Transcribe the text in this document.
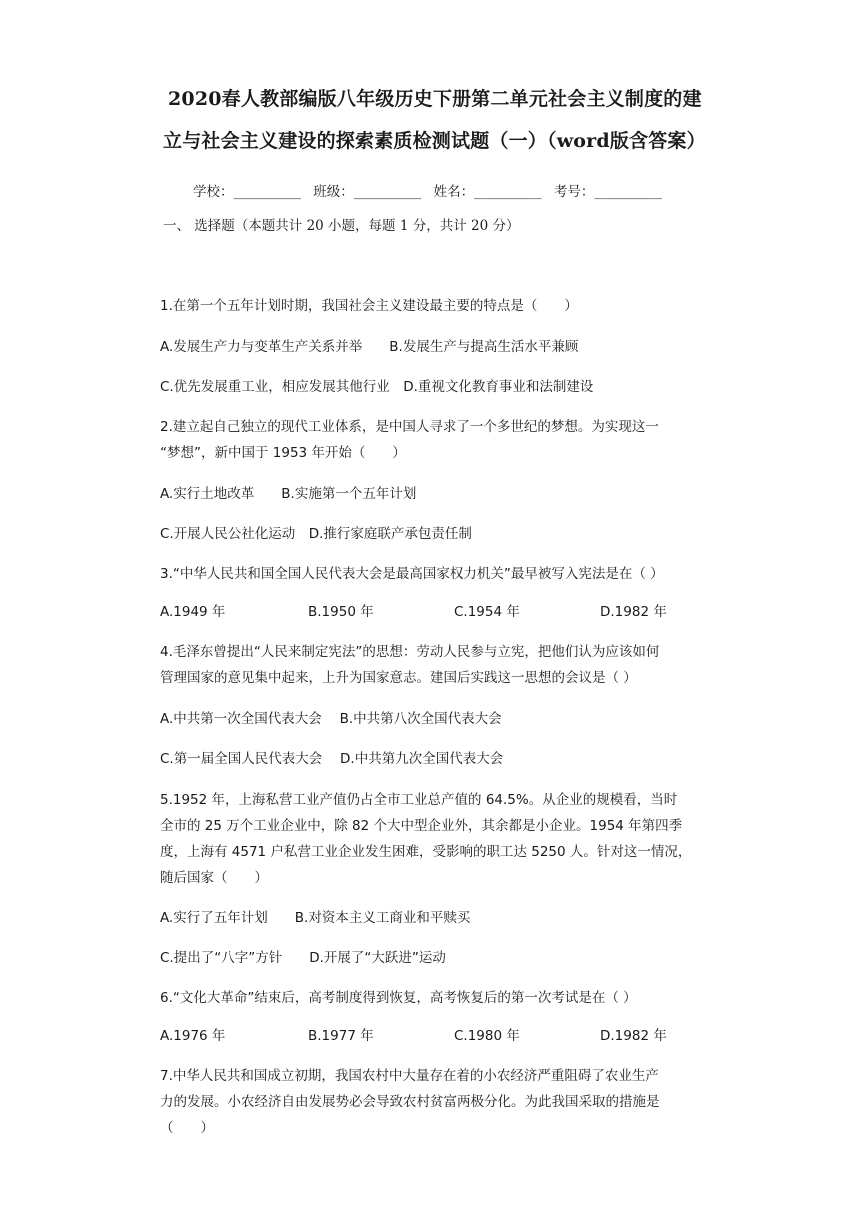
2020春人教部编版八年级历史下册第二单元社会主义制度的建
立与社会主义建设的探索素质检测试题（一）（word版含答案）
学校：__________ 班级：__________ 姓名：__________ 考号：__________
一、 选择题（本题共计 20 小题，每题 1 分，共计 20 分）
1.在第一个五年计划时期，我国社会主义建设最主要的特点是（　　）
A.发展生产力与变革生产关系并举　　B.发展生产与提高生活水平兼顾
C.优先发展重工业，相应发展其他行业　D.重视文化教育事业和法制建设
2.建立起自己独立的现代工业体系，是中国人寻求了一个多世纪的梦想。为实现这一
“梦想”，新中国于 1953 年开始（　　）
A.实行土地改革　　B.实施第一个五年计划
C.开展人民公社化运动　D.推行家庭联产承包责任制
3.“中华人民共和国全国人民代表大会是最高国家权力机关”最早被写入宪法是在（ ）
A.1949 年	B.1950 年	C.1954 年	D.1982 年
4.毛泽东曾提出“人民来制定宪法”的思想：劳动人民参与立宪，把他们认为应该如何
管理国家的意见集中起来，上升为国家意志。建国后实践这一思想的会议是（ ）
A.中共第一次全国代表大会　 B.中共第八次全国代表大会
C.第一届全国人民代表大会　 D.中共第九次全国代表大会
5.1952 年，上海私营工业产值仍占全市工业总产值的 64.5%。从企业的规模看，当时
全市的 25 万个工业企业中，除 82 个大中型企业外，其余都是小企业。1954 年第四季
度，上海有 4571 户私营工业企业发生困难，受影响的职工达 5250 人。针对这一情况，
随后国家（　　）
A.实行了五年计划　　B.对资本主义工商业和平赎买
C.提出了“八字”方针　　D.开展了“大跃进”运动
6.“文化大革命”结束后，高考制度得到恢复，高考恢复后的第一次考试是在（ ）
A.1976 年	B.1977 年	C.1980 年	D.1982 年
7.中华人民共和国成立初期，我国农村中大量存在着的小农经济严重阻碍了农业生产
力的发展。小农经济自由发展势必会导致农村贫富两极分化。为此我国采取的措施是
（　　）
